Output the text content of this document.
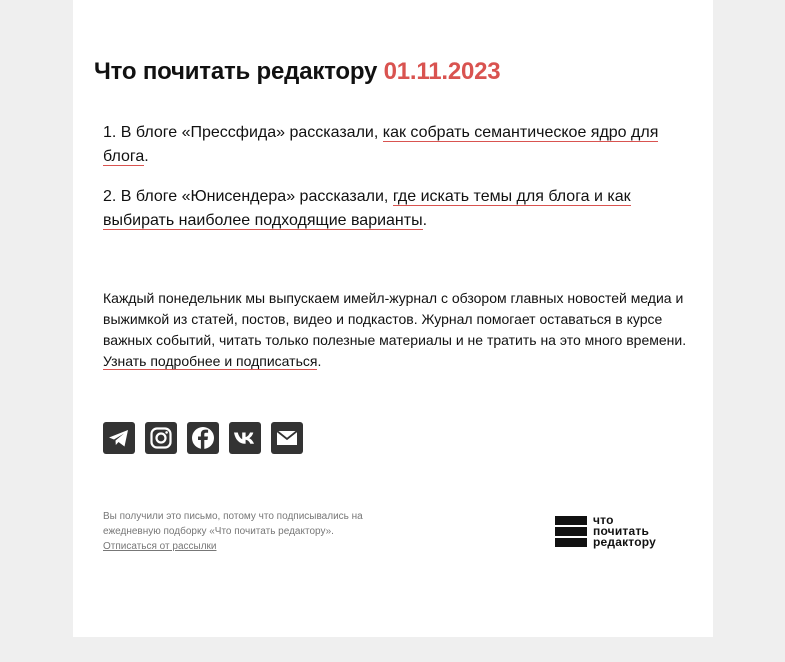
Что почитать редактору 01.11.2023
1. В блоге «Прессфида» рассказали, как собрать семантическое ядро для блога.
2. В блоге «Юнисендера» рассказали, где искать темы для блога и как выбирать наиболее подходящие варианты.

Каждый понедельник мы выпускаем имейл-журнал с обзором главных новостей медиа и выжимкой из статей, постов, видео и подкастов. Журнал помогает оставаться в курсе важных событий, читать только полезные материалы и не тратить на это много времени. Узнать подробнее и подписаться.

Вы получили это письмо, потому что подписывались на ежедневную подборку «Что почитать редактору».
Отписаться от рассылки

что
почитать
редактору
